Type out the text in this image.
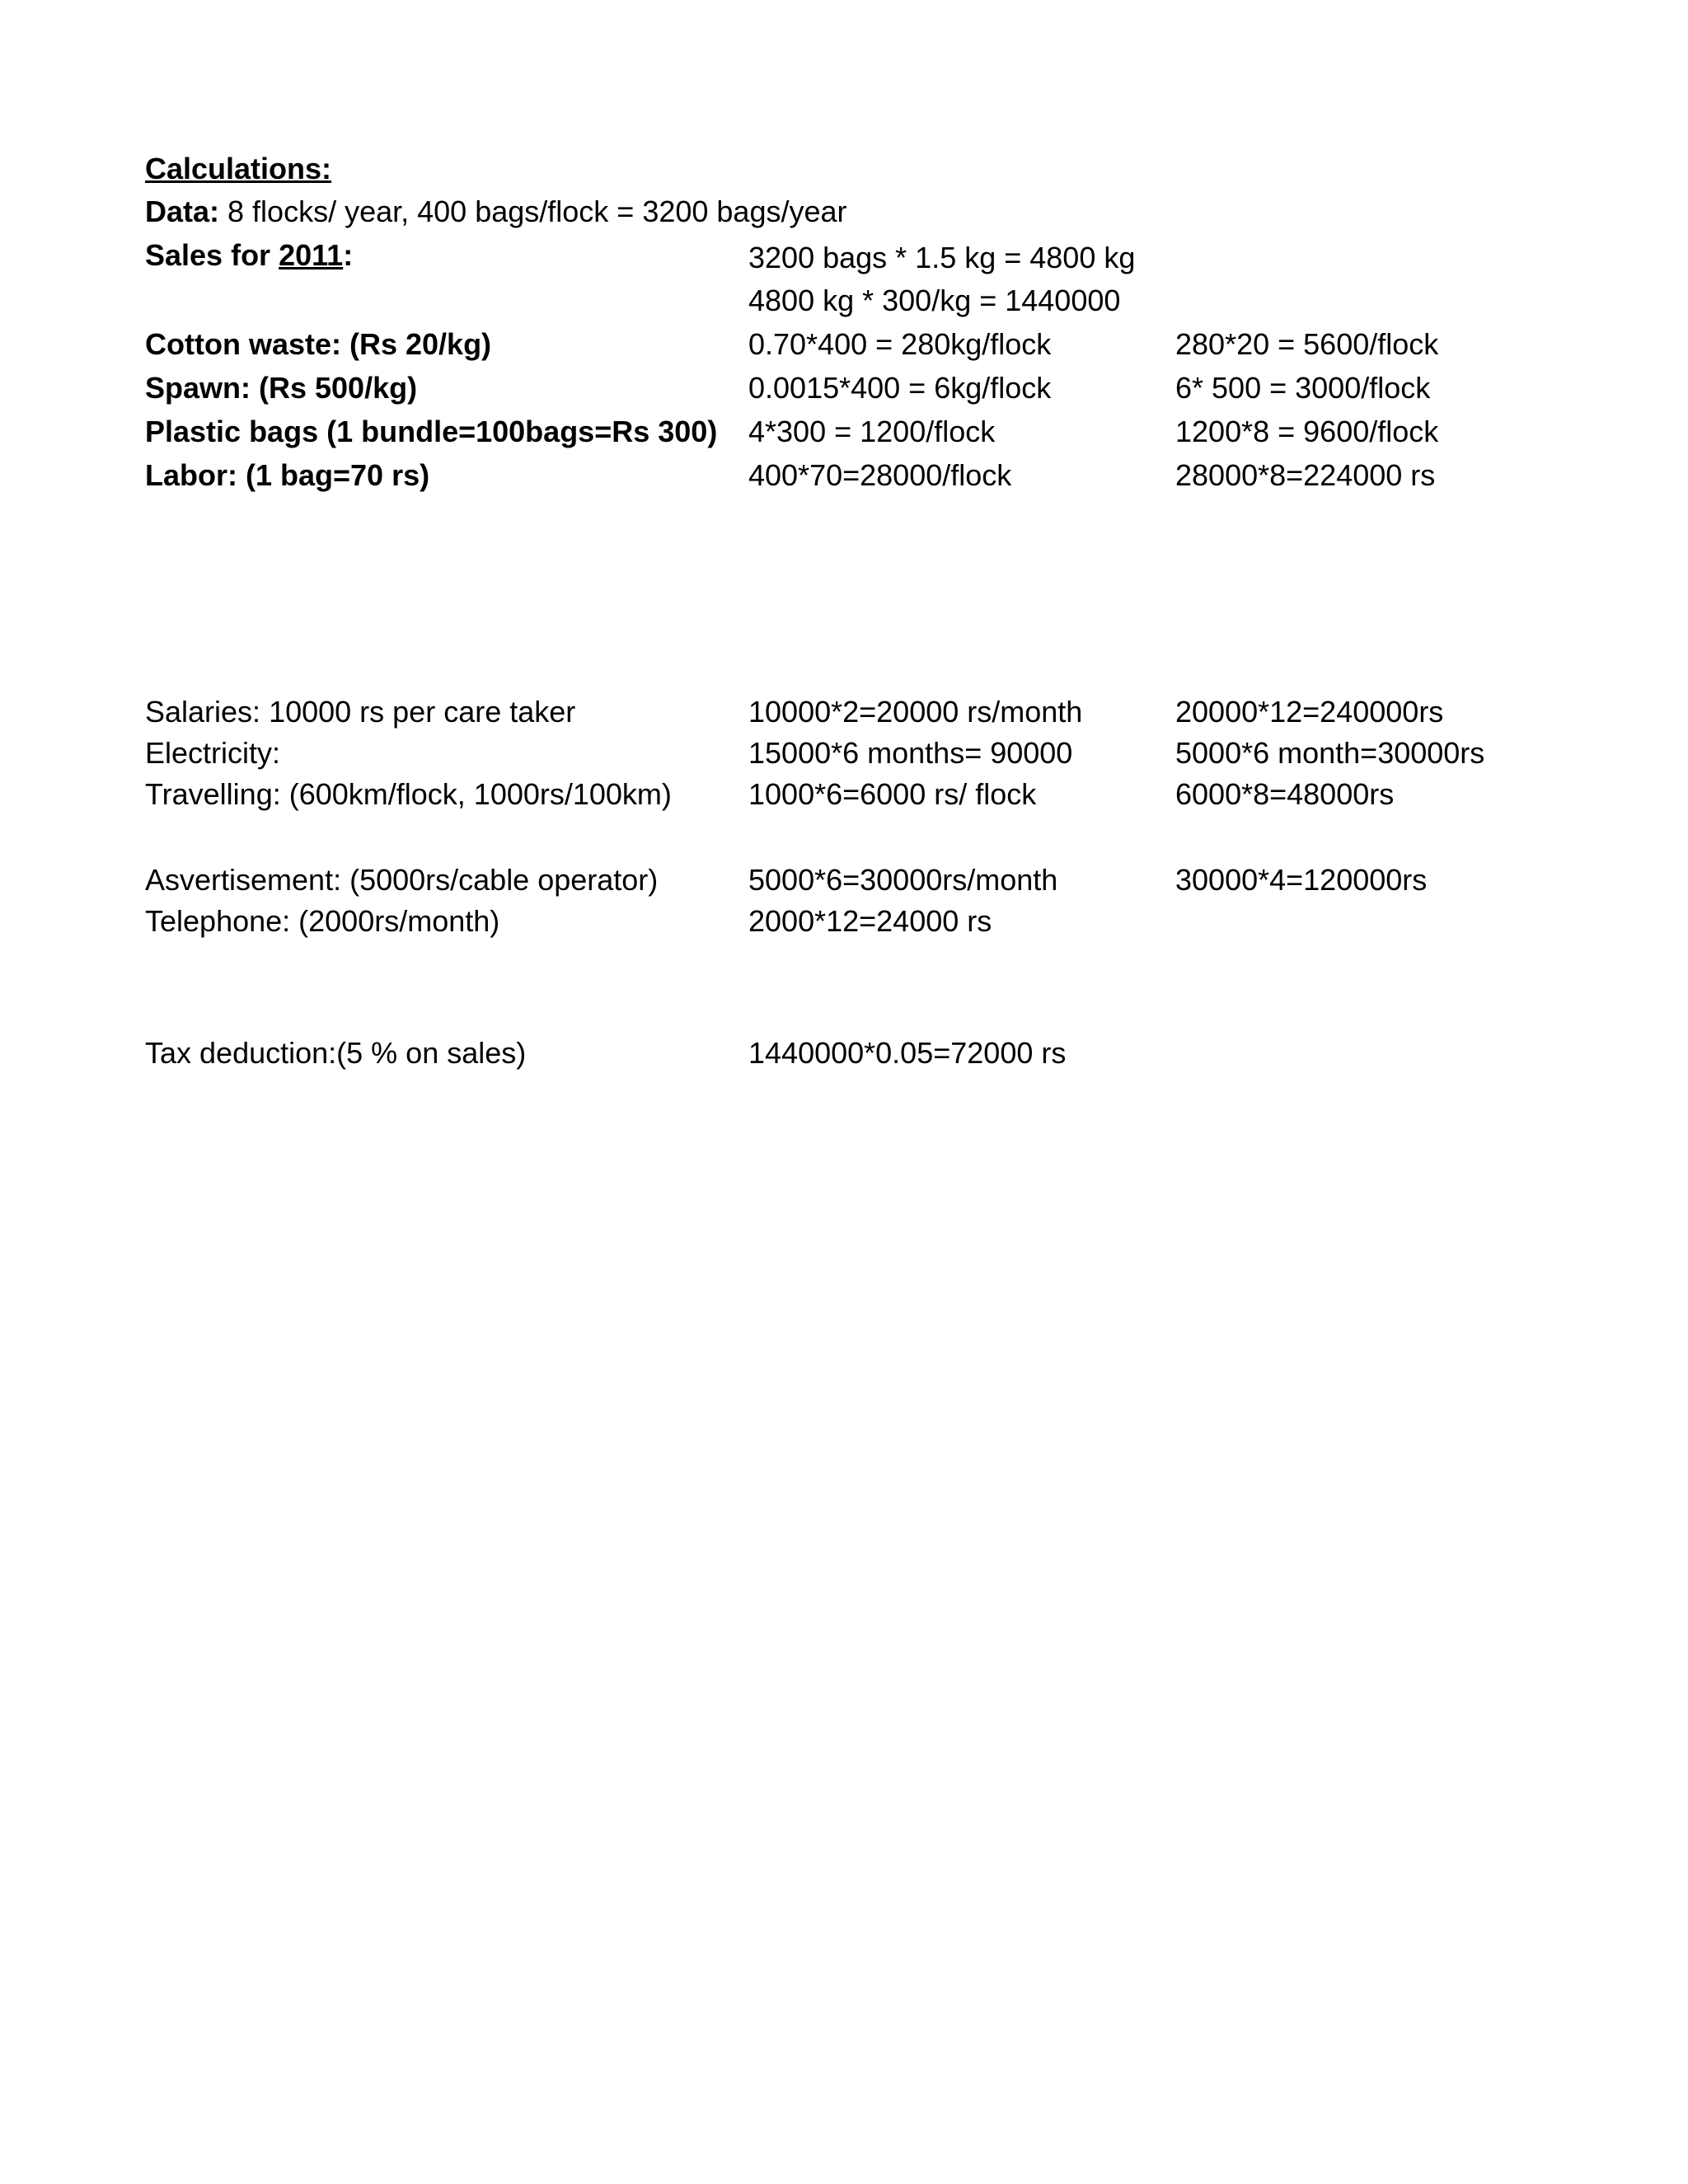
Calculations:
Data: 8 flocks/ year, 400 bags/flock = 3200 bags/year
Sales for 2011:	3200 bags * 1.5 kg = 4800 kg
4800 kg * 300/kg = 1440000
Cotton waste: (Rs 20/kg)	0.70*400 = 280kg/flock	280*20 = 5600/flock
Spawn: (Rs 500/kg)	0.0015*400 = 6kg/flock	6* 500 = 3000/flock
Plastic bags (1 bundle=100bags=Rs 300) 4*300 = 1200/flock	1200*8 = 9600/flock
Labor: (1 bag=70 rs)	400*70=28000/flock	28000*8=224000 rs
Salaries: 10000 rs per care taker	10000*2=20000 rs/month	20000*12=240000rs
Electricity:	15000*6 months= 90000	5000*6 month=30000rs
Travelling: (600km/flock, 1000rs/100km)	1000*6=6000 rs/ flock	6000*8=48000rs
Asvertisement: (5000rs/cable operator)	5000*6=30000rs/month	30000*4=120000rs
Telephone: (2000rs/month)	2000*12=24000 rs
Tax deduction:(5 % on sales)	1440000*0.05=72000 rs
